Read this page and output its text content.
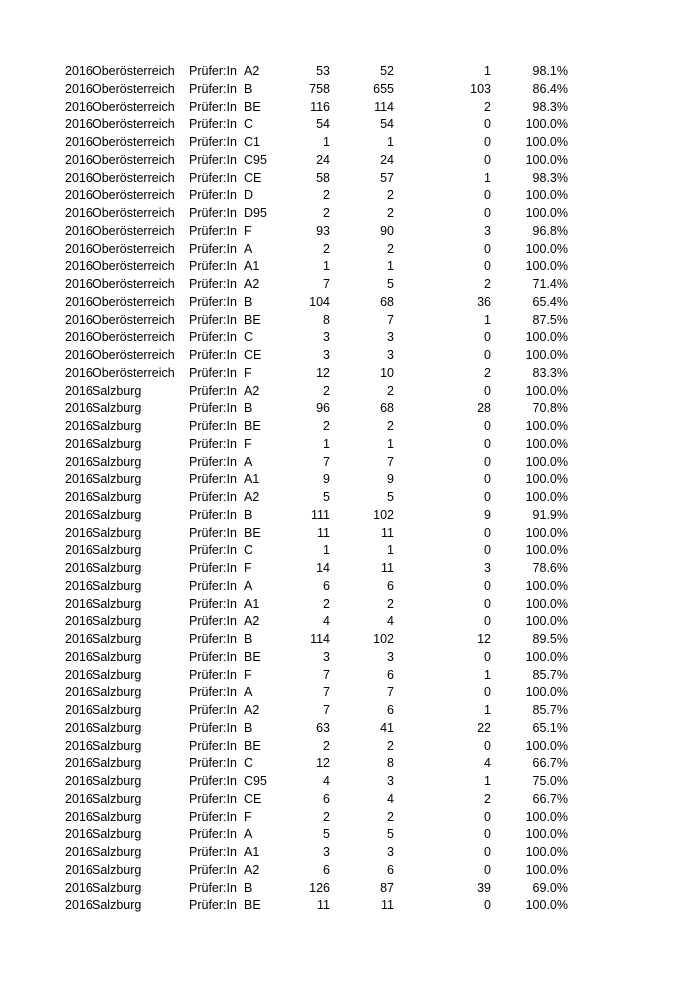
2016 Oberösterreich Prüfer:In A2	53	52	1	98.1%
2016 Oberösterreich Prüfer:In B	758	655	103	86.4%
2016 Oberösterreich Prüfer:In BE	116	114	2	98.3%
2016 Oberösterreich Prüfer:In C	54	54	0	100.0%
2016 Oberösterreich Prüfer:In C1	1	1	0	100.0%
2016 Oberösterreich Prüfer:In C95	24	24	0	100.0%
2016 Oberösterreich Prüfer:In CE	58	57	1	98.3%
2016 Oberösterreich Prüfer:In D	2	2	0	100.0%
2016 Oberösterreich Prüfer:In D95	2	2	0	100.0%
2016 Oberösterreich Prüfer:In F	93	90	3	96.8%
2016 Oberösterreich Prüfer:In A	2	2	0	100.0%
2016 Oberösterreich Prüfer:In A1	1	1	0	100.0%
2016 Oberösterreich Prüfer:In A2	7	5	2	71.4%
2016 Oberösterreich Prüfer:In B	104	68	36	65.4%
2016 Oberösterreich Prüfer:In BE	8	7	1	87.5%
2016 Oberösterreich Prüfer:In C	3	3	0	100.0%
2016 Oberösterreich Prüfer:In CE	3	3	0	100.0%
2016 Oberösterreich Prüfer:In F	12	10	2	83.3%
2016 Salzburg	Prüfer:In A2	2	2	0	100.0%
2016 Salzburg	Prüfer:In B	96	68	28	70.8%
2016 Salzburg	Prüfer:In BE	2	2	0	100.0%
2016 Salzburg	Prüfer:In F	1	1	0	100.0%
2016 Salzburg	Prüfer:In A	7	7	0	100.0%
2016 Salzburg	Prüfer:In A1	9	9	0	100.0%
2016 Salzburg	Prüfer:In A2	5	5	0	100.0%
2016 Salzburg	Prüfer:In B	111	102	9	91.9%
2016 Salzburg	Prüfer:In BE	11	11	0	100.0%
2016 Salzburg	Prüfer:In C	1	1	0	100.0%
2016 Salzburg	Prüfer:In F	14	11	3	78.6%
2016 Salzburg	Prüfer:In A	6	6	0	100.0%
2016 Salzburg	Prüfer:In A1	2	2	0	100.0%
2016 Salzburg	Prüfer:In A2	4	4	0	100.0%
2016 Salzburg	Prüfer:In B	114	102	12	89.5%
2016 Salzburg	Prüfer:In BE	3	3	0	100.0%
2016 Salzburg	Prüfer:In F	7	6	1	85.7%
2016 Salzburg	Prüfer:In A	7	7	0	100.0%
2016 Salzburg	Prüfer:In A2	7	6	1	85.7%
2016 Salzburg	Prüfer:In B	63	41	22	65.1%
2016 Salzburg	Prüfer:In BE	2	2	0	100.0%
2016 Salzburg	Prüfer:In C	12	8	4	66.7%
2016 Salzburg	Prüfer:In C95	4	3	1	75.0%
2016 Salzburg	Prüfer:In CE	6	4	2	66.7%
2016 Salzburg	Prüfer:In F	2	2	0	100.0%
2016 Salzburg	Prüfer:In A	5	5	0	100.0%
2016 Salzburg	Prüfer:In A1	3	3	0	100.0%
2016 Salzburg	Prüfer:In A2	6	6	0	100.0%
2016 Salzburg	Prüfer:In B	126	87	39	69.0%
2016 Salzburg	Prüfer:In BE	11	11	0	100.0%
